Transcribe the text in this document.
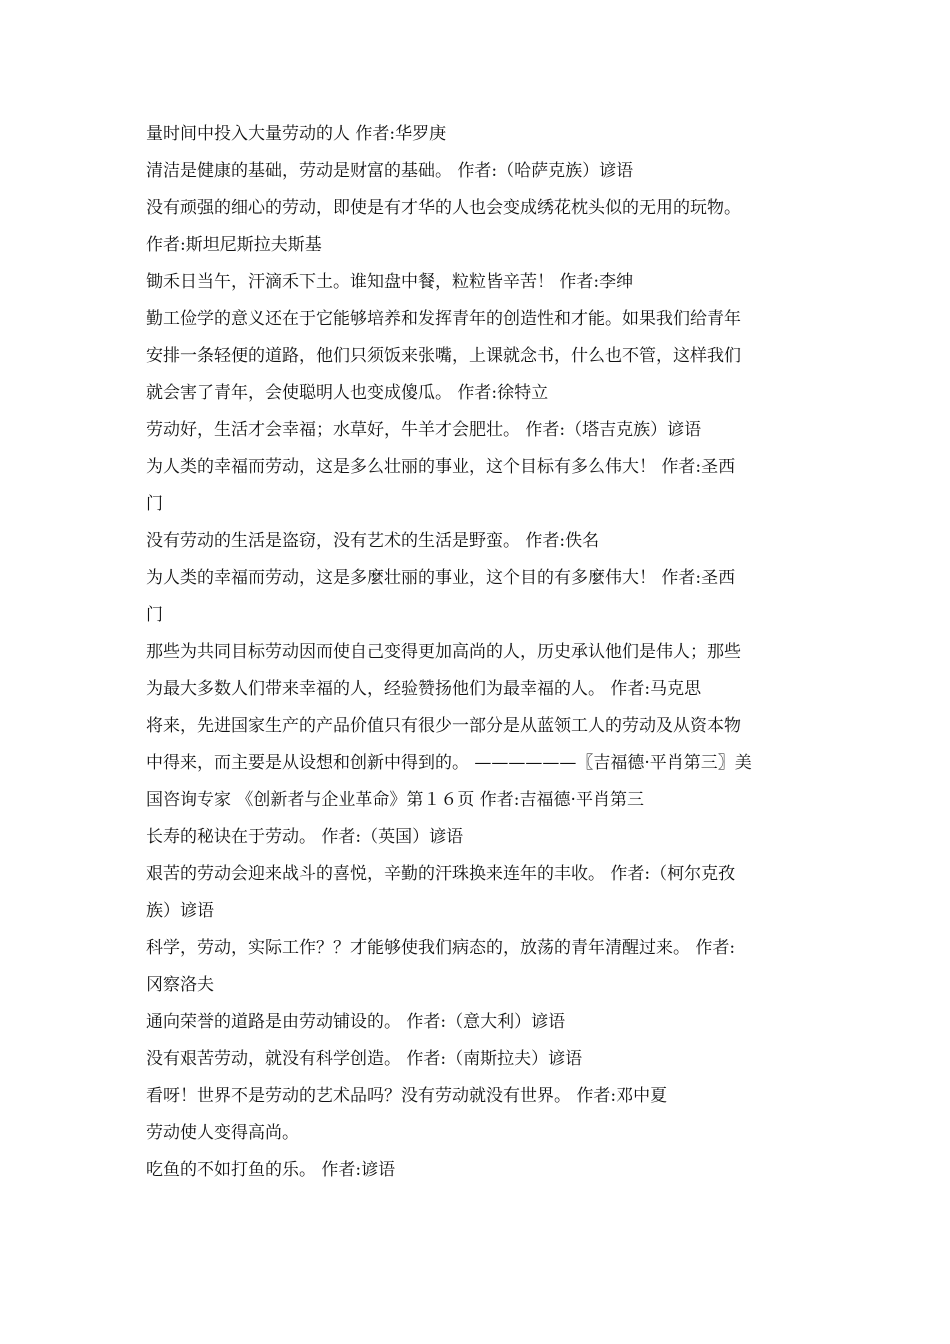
量时间中投入大量劳动的人 作者:华罗庚
清洁是健康的基础，劳动是财富的基础。 作者:（哈萨克族）谚语
没有顽强的细心的劳动，即使是有才华的人也会变成绣花枕头似的无用的玩物。
作者:斯坦尼斯拉夫斯基
锄禾日当午，汗滴禾下土。谁知盘中餐，粒粒皆辛苦！ 作者:李绅
勤工俭学的意义还在于它能够培养和发挥青年的创造性和才能。如果我们给青年
安排一条轻便的道路，他们只须饭来张嘴，上课就念书，什么也不管，这样我们
就会害了青年，会使聪明人也变成傻瓜。 作者:徐特立
劳动好，生活才会幸福；水草好，牛羊才会肥壮。 作者:（塔吉克族）谚语
为人类的幸福而劳动，这是多么壮丽的事业，这个目标有多么伟大！ 作者:圣西
门
没有劳动的生活是盗窃，没有艺术的生活是野蛮。 作者:佚名
为人类的幸福而劳动，这是多麼壮丽的事业，这个目的有多麼伟大！ 作者:圣西
门
那些为共同目标劳动因而使自己变得更加高尚的人，历史承认他们是伟人；那些
为最大多数人们带来幸福的人，经验赞扬他们为最幸福的人。 作者:马克思
将来，先进国家生产的产品价值只有很少一部分是从蓝领工人的劳动及从资本物
中得来，而主要是从设想和创新中得到的。 ——————〖吉福德·平肖第三〗美
国咨询专家 《创新者与企业革命》第１６页 作者:吉福德·平肖第三
长寿的秘诀在于劳动。 作者:（英国）谚语
艰苦的劳动会迎来战斗的喜悦，辛勤的汗珠换来连年的丰收。 作者:（柯尔克孜
族）谚语
科学，劳动，实际工作？？才能够使我们病态的，放荡的青年清醒过来。 作者:
冈察洛夫
通向荣誉的道路是由劳动铺设的。 作者:（意大利）谚语
没有艰苦劳动，就没有科学创造。 作者:（南斯拉夫）谚语
看呀！世界不是劳动的艺术品吗？没有劳动就没有世界。 作者:邓中夏
劳动使人变得高尚。
吃鱼的不如打鱼的乐。 作者:谚语
